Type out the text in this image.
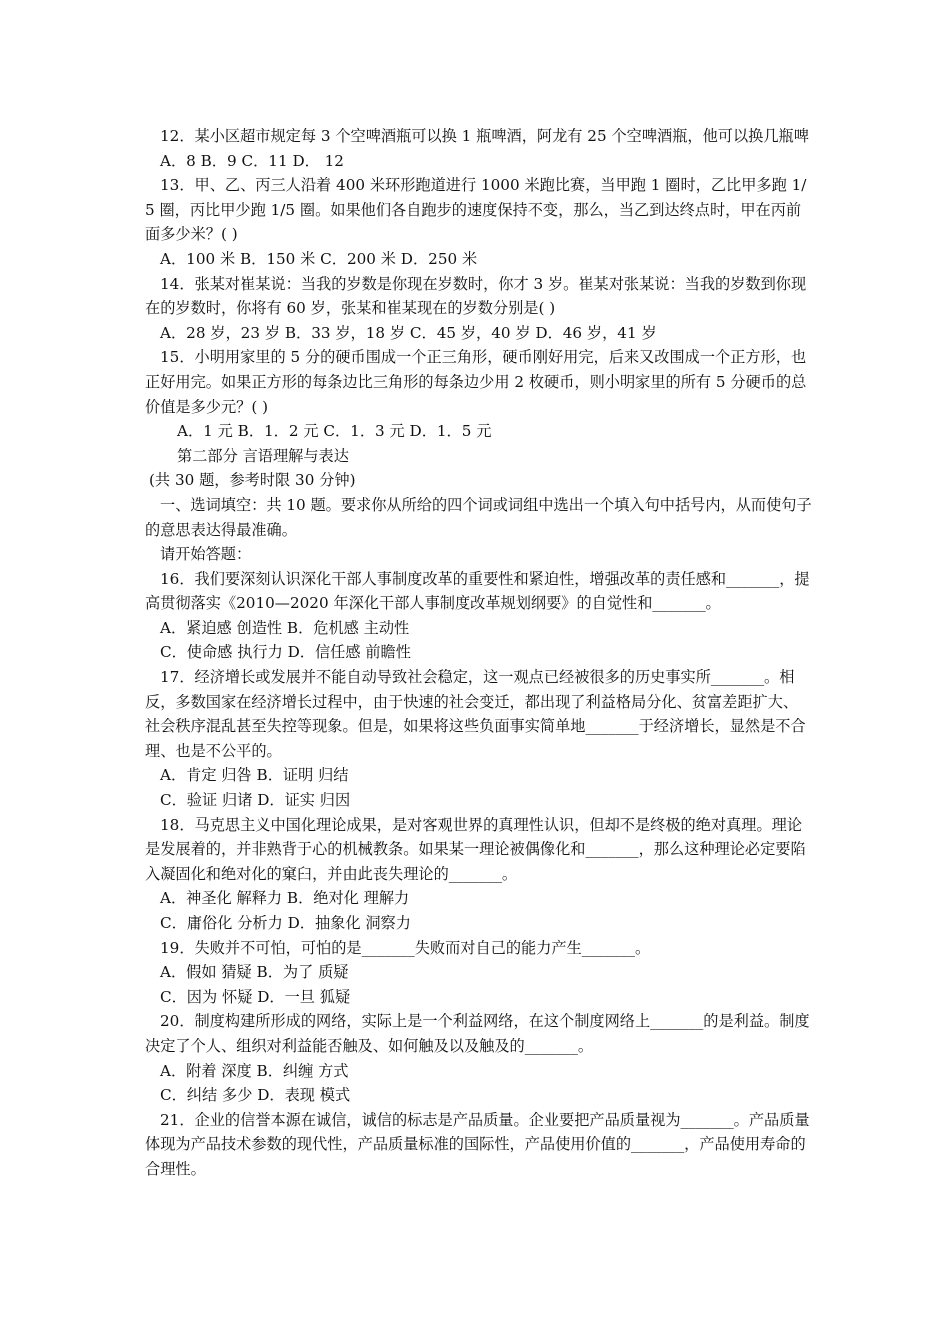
12．某小区超市规定每 3 个空啤酒瓶可以换 1 瓶啤酒，阿龙有 25 个空啤酒瓶，他可以换几瓶啤

A．8 B．9 C．11 D． 12

13．甲、乙、丙三人沿着 400 米环形跑道进行 1000 米跑比赛，当甲跑 1 圈时，乙比甲多跑 1/5 圈，丙比甲少跑 1/5 圈。如果他们各自跑步的速度保持不变，那么，当乙到达终点时，甲在丙前面多少米？( )

A．100 米 B．150 米 C．200 米 D．250 米

14．张某对崔某说：当我的岁数是你现在岁数时，你才 3 岁。崔某对张某说：当我的岁数到你现在的岁数时，你将有 60 岁，张某和崔某现在的岁数分别是( )

A．28 岁，23 岁 B．33 岁，18 岁 C．45 岁，40 岁 D．46 岁，41 岁

15．小明用家里的 5 分的硬币围成一个正三角形，硬币刚好用完，后来又改围成一个正方形，也正好用完。如果正方形的每条边比三角形的每条边少用 2 枚硬币，则小明家里的所有 5 分硬币的总价值是多少元？( )

A．1 元 B．1．2 元 C．1．3 元 D．1．5 元

第二部分 言语理解与表达

(共 30 题，参考时限 30 分钟)

一、选词填空：共 10 题。要求你从所给的四个词或词组中选出一个填入句中括号内，从而使句子的意思表达得最准确。

请开始答题：

16．我们要深刻认识深化干部人事制度改革的重要性和紧迫性，增强改革的责任感和_______，提高贯彻落实《2010—2020 年深化干部人事制度改革规划纲要》的自觉性和_______。

A．紧迫感 创造性 B．危机感 主动性

C．使命感 执行力 D．信任感 前瞻性

17．经济增长或发展并不能自动导致社会稳定，这一观点已经被很多的历史事实所_______。相反，多数国家在经济增长过程中，由于快速的社会变迁，都出现了利益格局分化、贫富差距扩大、社会秩序混乱甚至失控等现象。但是，如果将这些负面事实简单地_______于经济增长，显然是不合理、也是不公平的。

A．肯定 归咎 B．证明 归结

C．验证 归诸 D．证实 归因

18．马克思主义中国化理论成果，是对客观世界的真理性认识，但却不是终极的绝对真理。理论是发展着的，并非熟背于心的机械教条。如果某一理论被偶像化和_______，那么这种理论必定要陷入凝固化和绝对化的窠臼，并由此丧失理论的_______。

A．神圣化 解释力 B．绝对化 理解力

C．庸俗化 分析力 D．抽象化 洞察力

19．失败并不可怕，可怕的是_______失败而对自己的能力产生_______。

A．假如 猜疑 B．为了 质疑

C．因为 怀疑 D．一旦 狐疑

20．制度构建所形成的网络，实际上是一个利益网络，在这个制度网络上_______的是利益。制度决定了个人、组织对利益能否触及、如何触及以及触及的_______。

A．附着 深度 B．纠缠 方式

C．纠结 多少 D．表现 模式

21．企业的信誉本源在诚信，诚信的标志是产品质量。企业要把产品质量视为_______。产品质量体现为产品技术参数的现代性，产品质量标准的国际性，产品使用价值的_______，产品使用寿命的合理性。
